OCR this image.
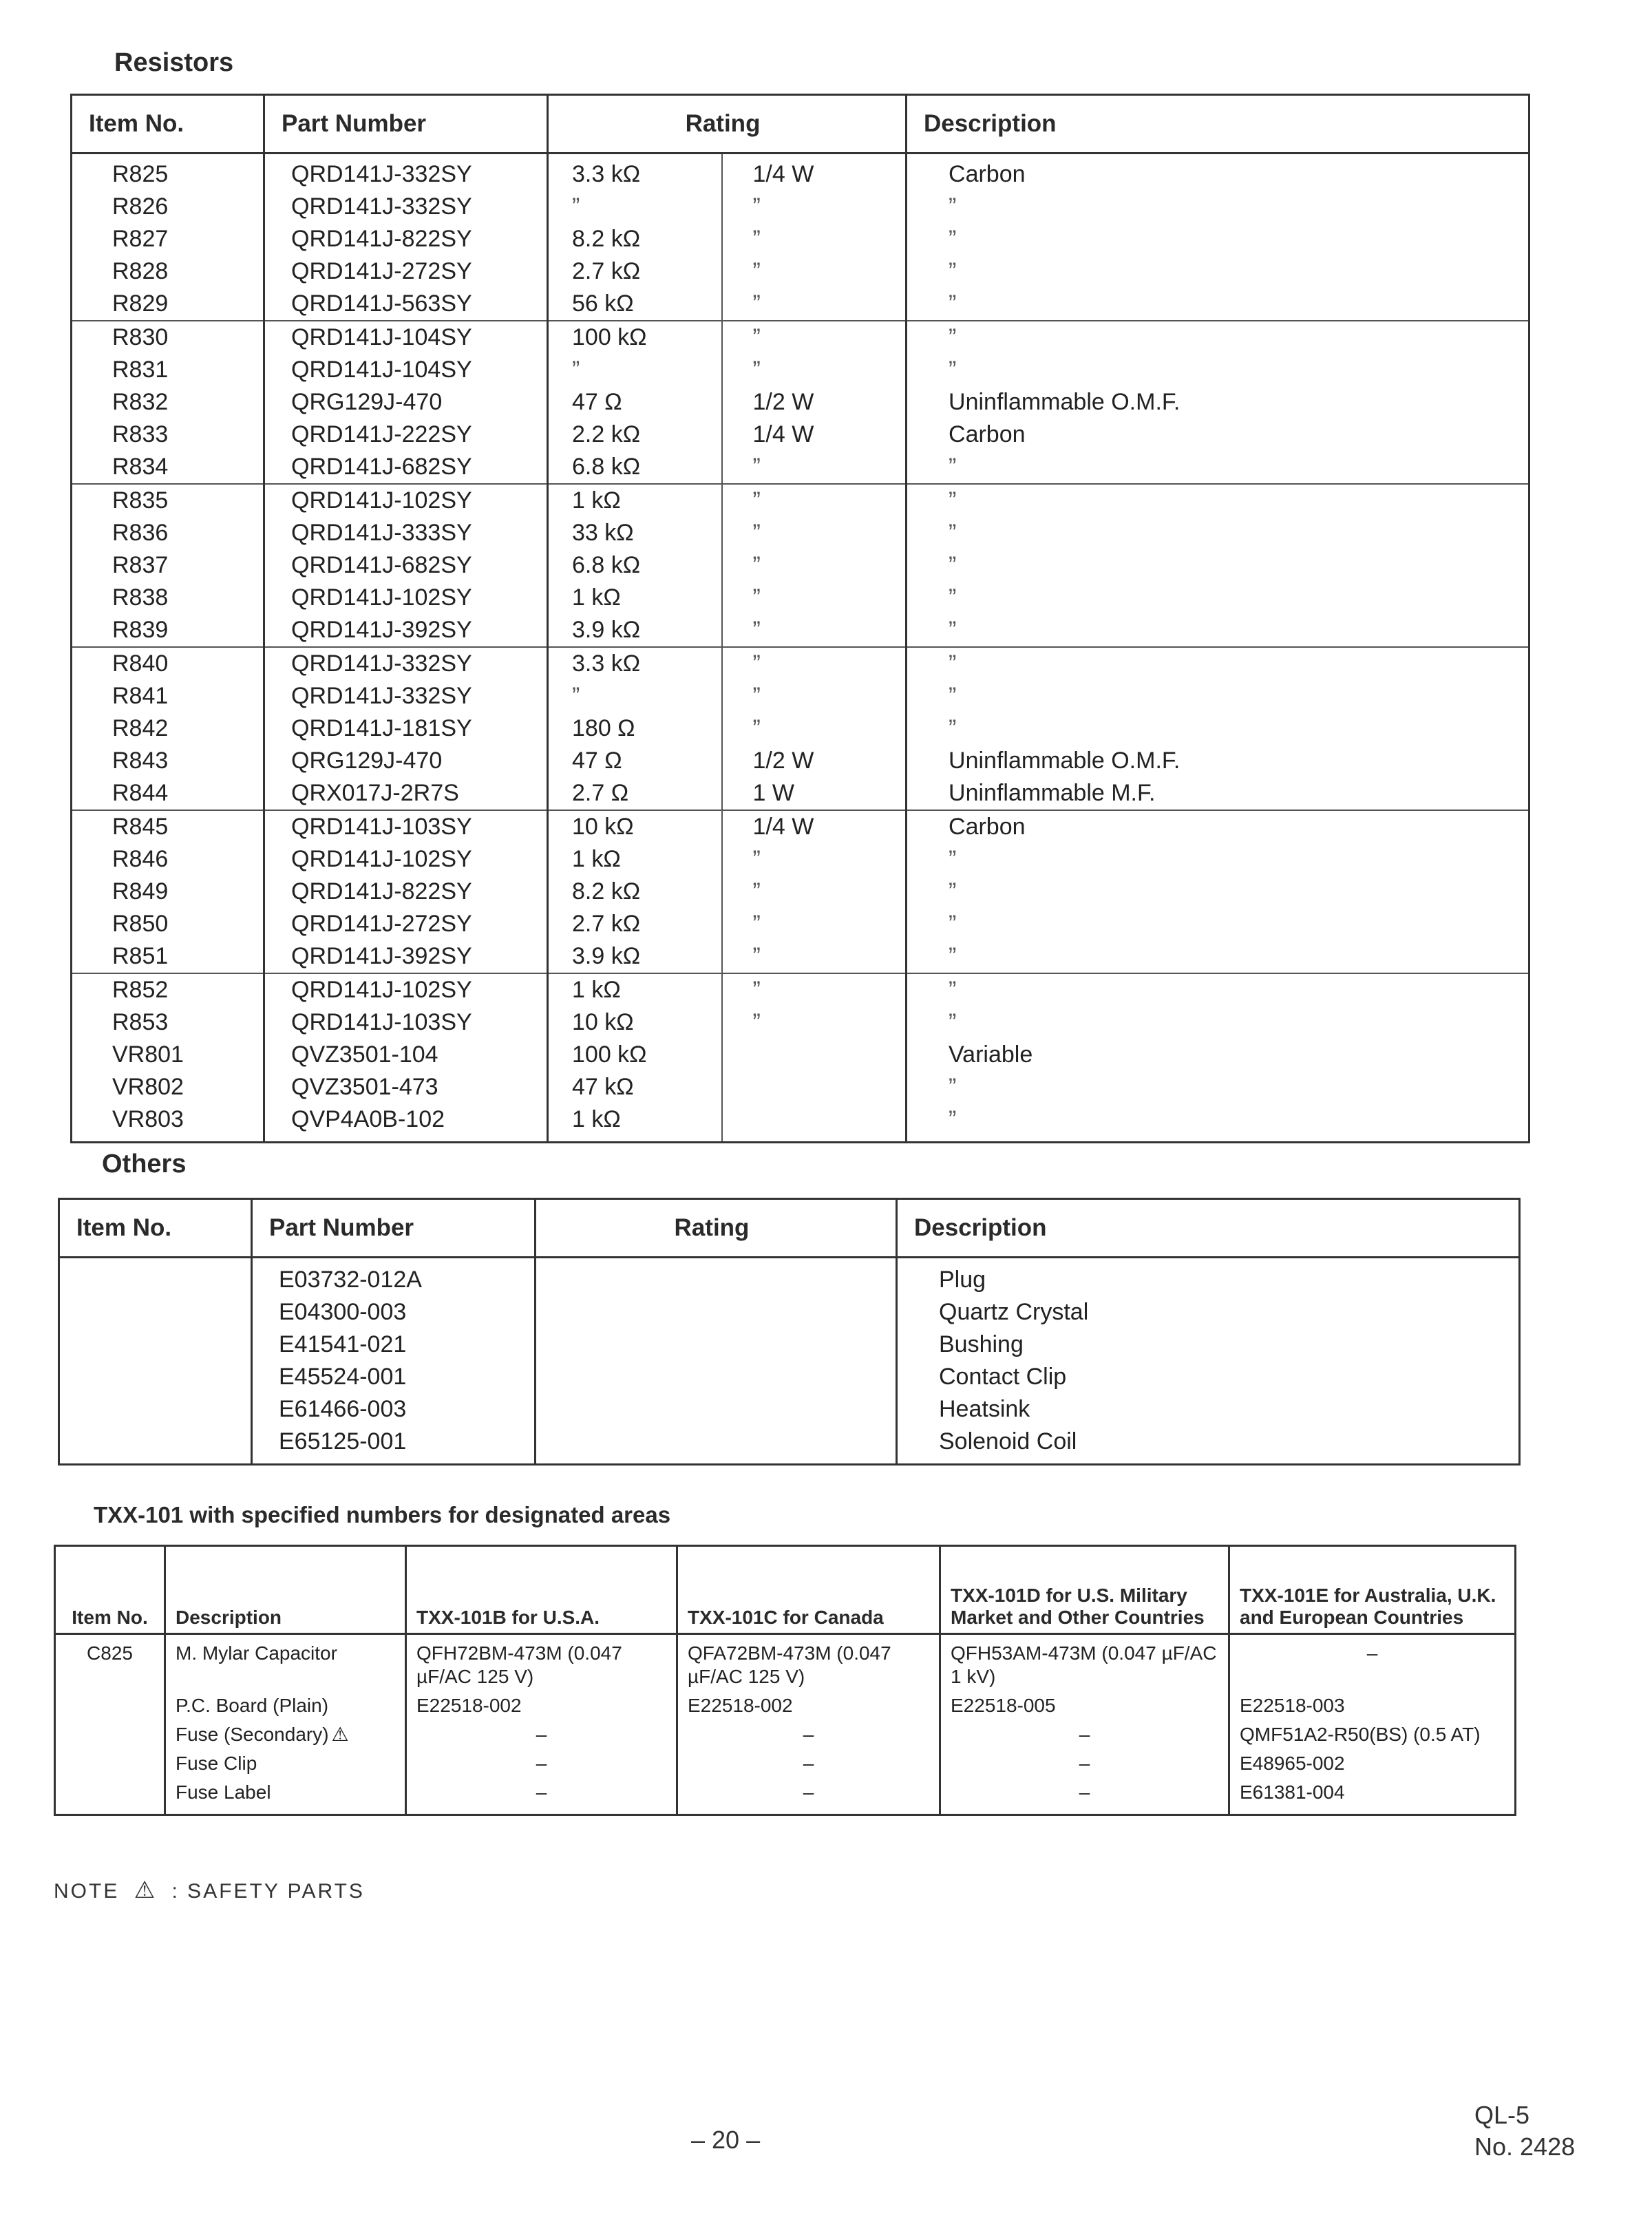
Resistors
Item No.	Part Number	Rating		Description
R825	QRD141J-332SY	3.3 kΩ	1/4 W	Carbon
R826	QRD141J-332SY	”	”	”
R827	QRD141J-822SY	8.2 kΩ	”	”
R828	QRD141J-272SY	2.7 kΩ	”	”
R829	QRD141J-563SY	56 kΩ	”	”
R830	QRD141J-104SY	100 kΩ	”	”
R831	QRD141J-104SY	”	”	”
R832	QRG129J-470	47 Ω	1/2 W	Uninflammable O.M.F.
R833	QRD141J-222SY	2.2 kΩ	1/4 W	Carbon
R834	QRD141J-682SY	6.8 kΩ	”	”
R835	QRD141J-102SY	1 kΩ	”	”
R836	QRD141J-333SY	33 kΩ	”	”
R837	QRD141J-682SY	6.8 kΩ	”	”
R838	QRD141J-102SY	1 kΩ	”	”
R839	QRD141J-392SY	3.9 kΩ	”	”
R840	QRD141J-332SY	3.3 kΩ	”	”
R841	QRD141J-332SY	”	”	”
R842	QRD141J-181SY	180 Ω	”	”
R843	QRG129J-470	47 Ω	1/2 W	Uninflammable O.M.F.
R844	QRX017J-2R7S	2.7 Ω	1 W	Uninflammable M.F.
R845	QRD141J-103SY	10 kΩ	1/4 W	Carbon
R846	QRD141J-102SY	1 kΩ	”	”
R849	QRD141J-822SY	8.2 kΩ	”	”
R850	QRD141J-272SY	2.7 kΩ	”	”
R851	QRD141J-392SY	3.9 kΩ	”	”
R852	QRD141J-102SY	1 kΩ	”	”
R853	QRD141J-103SY	10 kΩ	”	”
VR801	QVZ3501-104	100 kΩ		Variable
VR802	QVZ3501-473	47 kΩ		”
VR803	QVP4A0B-102	1 kΩ		”
Others
Item No.	Part Number	Rating	Description
	E03732-012A		Plug
	E04300-003		Quartz Crystal
	E41541-021		Bushing
	E45524-001		Contact Clip
	E61466-003		Heatsink
	E65125-001		Solenoid Coil
TXX-101 with specified numbers for designated areas
Item No.	Description	TXX-101B for U.S.A.	TXX-101C for Canada	TXX-101D for U.S. Military Market and Other Countries	TXX-101E for Australia, U.K. and European Countries
C825	M. Mylar Capacitor	QFH72BM-473M (0.047 µF/AC 125 V)	QFA72BM-473M (0.047 µF/AC 125 V)	QFH53AM-473M (0.047 µF/AC 1 kV)	–
	P.C. Board (Plain)	E22518-002	E22518-002	E22518-005	E22518-003
	Fuse (Secondary) ⚠	–	–	–	QMF51A2-R50(BS) (0.5 AT)
	Fuse Clip	–	–	–	E48965-002
	Fuse Label	–	–	–	E61381-004
NOTE ⚠ : SAFETY PARTS
– 20 –
QL-5
No. 2428
